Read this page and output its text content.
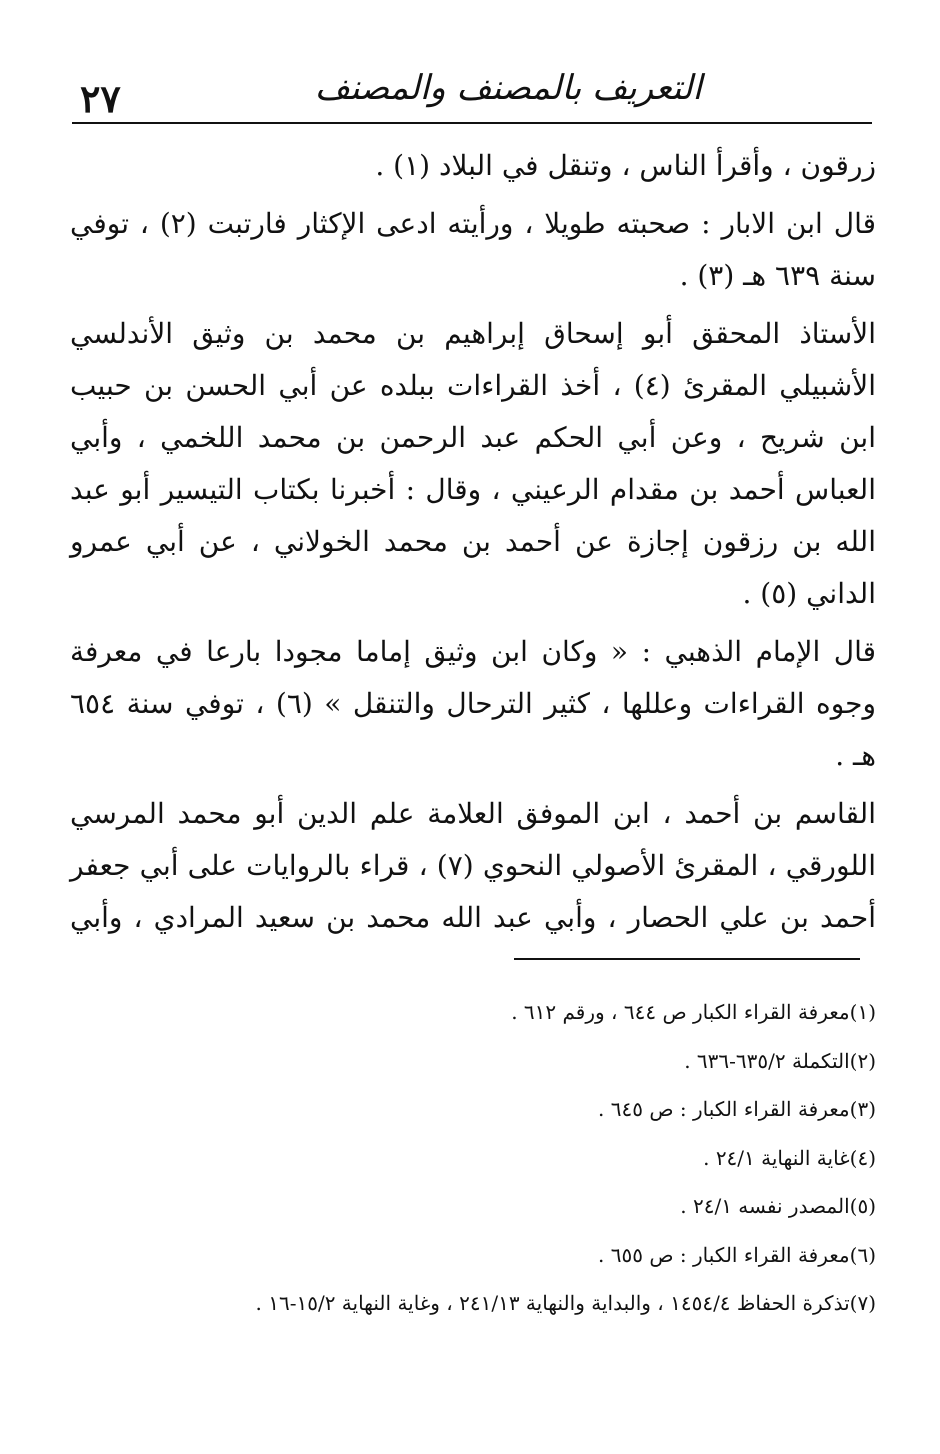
٢٧	التعريف بالمصنف والمصنف

زرقون ، وأقرأ الناس ، وتنقل في البلاد (١) .

قال ابن الابار : صحبته طويلا ، ورأيته ادعى الإكثار فارتبت (٢) ، توفي سنة ٦٣٩ هـ (٣) .

الأستاذ المحقق أبو إسحاق إبراهيم بن محمد بن وثيق الأندلسي الأشبيلي المقرئ (٤) ، أخذ القراءات ببلده عن أبي الحسن بن حبيب ابن شريح ، وعن أبي الحكم عبد الرحمن بن محمد اللخمي ، وأبي العباس أحمد بن مقدام الرعيني ، وقال : أخبرنا بكتاب التيسير أبو عبد الله بن رزقون إجازة عن أحمد بن محمد الخولاني ، عن أبي عمرو الداني (٥) .

قال الإمام الذهبي : « وكان ابن وثيق إماما مجودا بارعا في معرفة وجوه القراءات وعللها ، كثير الترحال والتنقل » (٦) ، توفي سنة ٦٥٤ هـ .

القاسم بن أحمد ، ابن الموفق العلامة علم الدين أبو محمد المرسي اللورقي ، المقرئ الأصولي النحوي (٧) ، قراء بالروايات على أبي جعفر أحمد بن علي الحصار ، وأبي عبد الله محمد بن سعيد المرادي ، وأبي

(١)معرفة القراء الكبار ص ٦٤٤ ، ورقم ٦١٢ .
(٢)التكملة ٦٣٥/٢-٦٣٦ .
(٣)معرفة القراء الكبار : ص ٦٤٥ .
(٤)غاية النهاية ٢٤/١ .
(٥)المصدر نفسه ٢٤/١ .
(٦)معرفة القراء الكبار : ص ٦٥٥ .
(٧)تذكرة الحفاظ ١٤٥٤/٤ ، والبداية والنهاية ٢٤١/١٣ ، وغاية النهاية ١٥/٢-١٦ .
